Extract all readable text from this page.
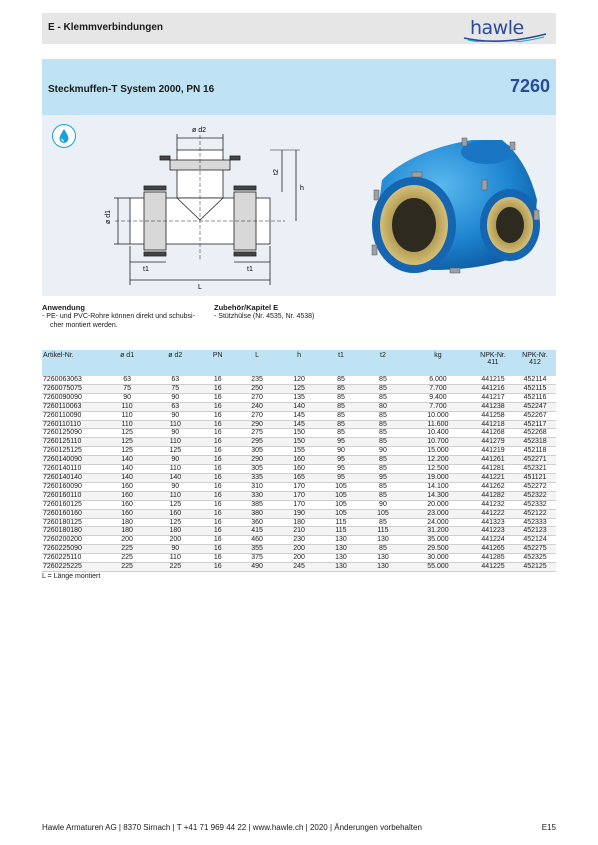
E - Klemmverbindungen	hawle
Steckmuffen-T System 2000, PN 16	7260
ø d2
ø d1
h
t2
t1	t1
L
Anwendung
- PE- und PVC-Rohre können direkt und schubsi-
cher montiert werden.
Zubehör/Kapitel E
- Stützhülse (Nr. 4535, Nr. 4538)
Artikel-Nr.	ø d1	ø d2	PN	L	h	t1	t2	kg	NPK-Nr. 411	NPK-Nr. 412
7260063063	63	63	16	235	120	85	85	6.000	441215	452114
7260075075	75	75	16	250	125	85	85	7.700	441216	452115
7260090090	90	90	16	270	135	85	85	9.400	441217	452116
7260110063	110	63	16	240	140	85	80	7.700	441238	452247
7260110090	110	90	16	270	145	85	85	10.000	441258	452267
7260110110	110	110	16	290	145	85	85	11.600	441218	452117
7260125090	125	90	16	275	150	85	85	10.400	441268	452268
7260125110	125	110	16	295	150	95	85	10.700	441279	452318
7260125125	125	125	16	305	155	90	90	15.000	441219	452118
7260140090	140	90	16	290	160	95	85	12.200	441261	452271
7260140110	140	110	16	305	160	95	85	12.500	441281	452321
7260140140	140	140	16	335	165	95	95	19.000	441221	451121
7260160090	160	90	16	310	170	105	85	14.100	441262	452272
7260160110	160	110	16	330	170	105	85	14.300	441282	452322
7260160125	160	125	16	385	170	105	90	20.000	441232	452332
7260160160	160	160	16	380	190	105	105	23.000	441222	452122
7260180125	180	125	16	360	180	115	85	24.000	441323	452333
7260180180	180	180	16	415	210	115	115	31.200	441223	452123
7260200200	200	200	16	460	230	130	130	35.000	441224	452124
7260225090	225	90	16	355	200	130	85	29.500	441265	452275
7260225110	225	110	16	375	200	130	130	30.000	441285	452325
7260225225	225	225	16	490	245	130	130	55.000	441225	452125
L = Länge montiert
Hawle Armaturen AG | 8370 Sirnach | T +41 71 969 44 22 | www.hawle.ch | 2020 | Änderungen vorbehalten	E15
